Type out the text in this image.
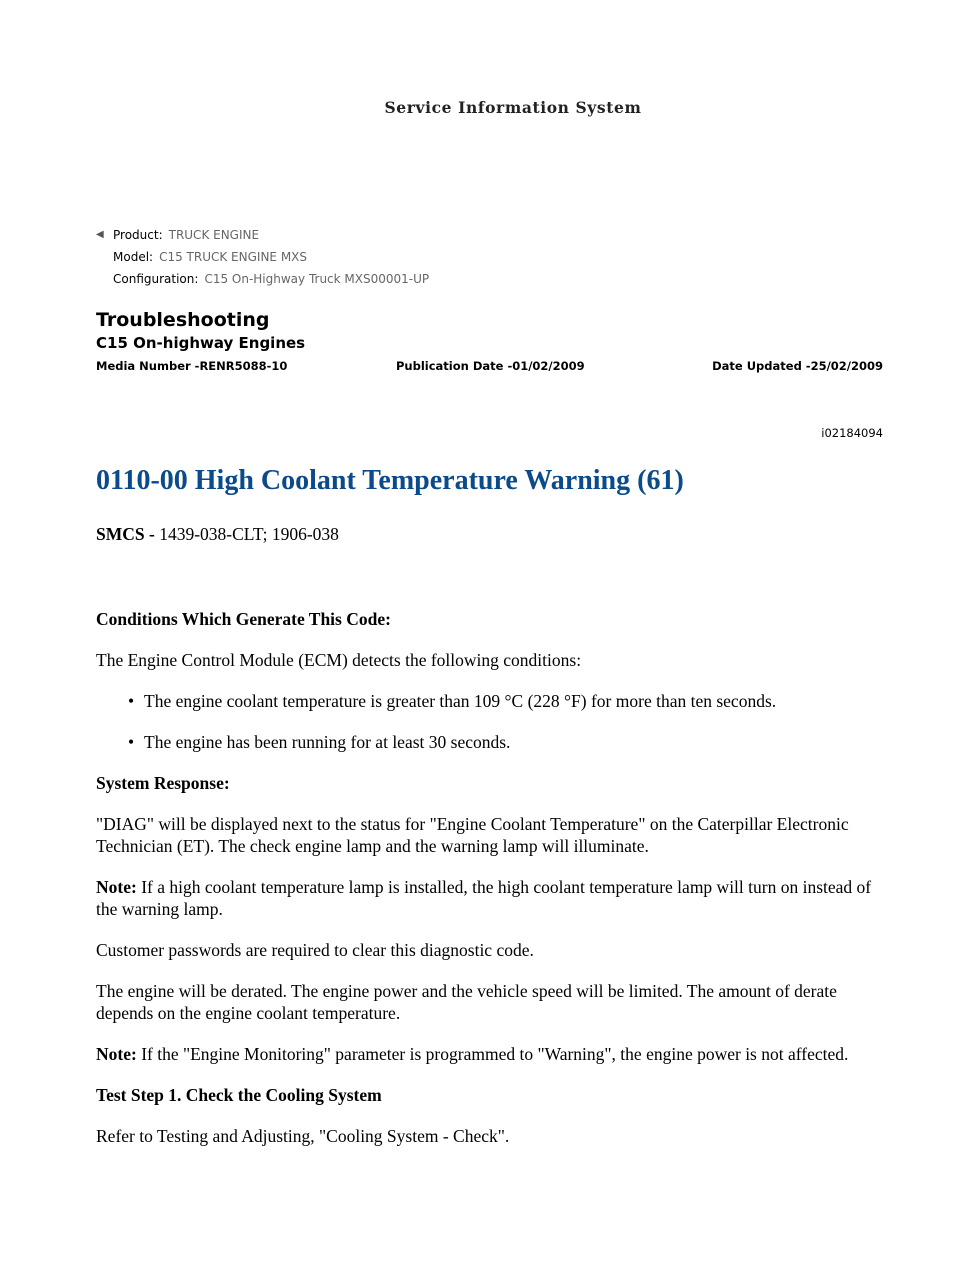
Service Information System
◀ Product: TRUCK ENGINE
Model: C15 TRUCK ENGINE MXS
Configuration: C15 On-Highway Truck MXS00001-UP
Troubleshooting
C15 On-highway Engines
Media Number -RENR5088-10	Publication Date -01/02/2009	Date Updated -25/02/2009
i02184094
0110-00 High Coolant Temperature Warning (61)
SMCS - 1439-038-CLT; 1906-038

Conditions Which Generate This Code:

The Engine Control Module (ECM) detects the following conditions:

• The engine coolant temperature is greater than 109 °C (228 °F) for more than ten seconds.
• The engine has been running for at least 30 seconds.

System Response:

"DIAG" will be displayed next to the status for "Engine Coolant Temperature" on the Caterpillar Electronic Technician (ET). The check engine lamp and the warning lamp will illuminate.

Note: If a high coolant temperature lamp is installed, the high coolant temperature lamp will turn on instead of the warning lamp.

Customer passwords are required to clear this diagnostic code.

The engine will be derated. The engine power and the vehicle speed will be limited. The amount of derate depends on the engine coolant temperature.

Note: If the "Engine Monitoring" parameter is programmed to "Warning", the engine power is not affected.

Test Step 1. Check the Cooling System

Refer to Testing and Adjusting, "Cooling System - Check".
